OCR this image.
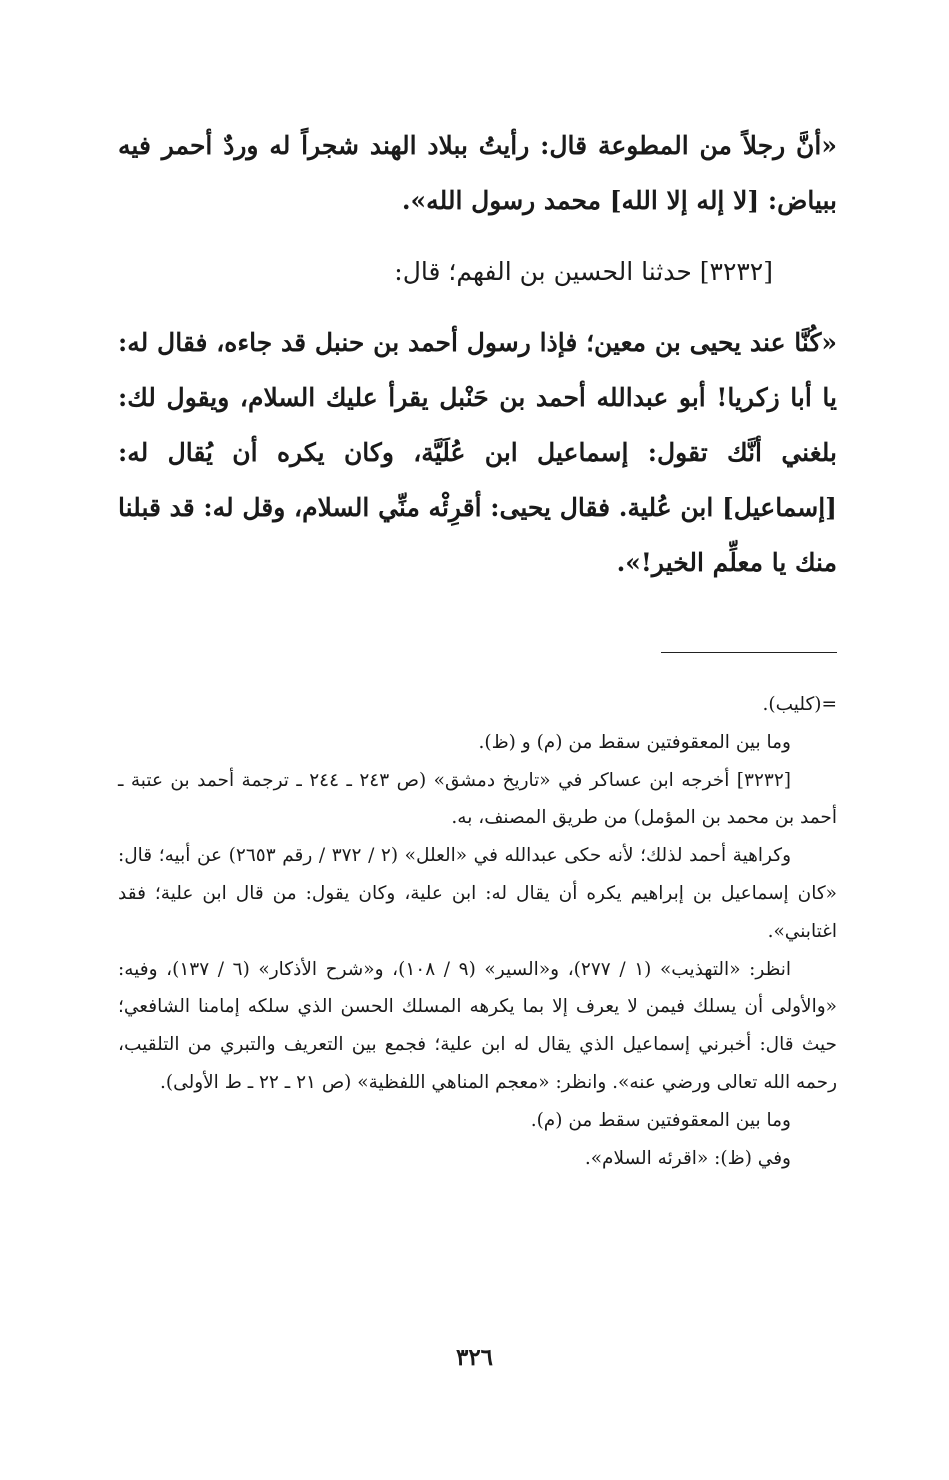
«أنَّ رجلاً من المطوعة قال: رأيتُ ببلاد الهند شجراً له وردٌ أحمر فيه ببياض: [لا إله إلا الله] محمد رسول الله».

[٣٢٣٢] حدثنا الحسين بن الفهم؛ قال:

«كُنَّا عند يحيى بن معين؛ فإذا رسول أحمد بن حنبل قد جاءه، فقال له: يا أبا زكريا! أبو عبدالله أحمد بن حَنْبل يقرأ عليك السلام، ويقول لك: بلغني أنَّك تقول: إسماعيل ابن عُلَيَّة، وكان يكره أن يُقال له: [إسماعيل] ابن عُلية. فقال يحيى: أقرِئْه منِّي السلام، وقل له: قد قبلنا منك يا معلِّم الخير!».

=(كليب).

وما بين المعقوفتين سقط من (م) و (ظ).

[٣٢٣٢] أخرجه ابن عساكر في «تاريخ دمشق» (ص ٢٤٣ ـ ٢٤٤ ـ ترجمة أحمد بن عتبة ـ أحمد بن محمد بن المؤمل) من طريق المصنف، به.

وكراهية أحمد لذلك؛ لأنه حكى عبدالله في «العلل» (٢ / ٣٧٢ / رقم ٢٦٥٣) عن أبيه؛ قال: «كان إسماعيل بن إبراهيم يكره أن يقال له: ابن علية، وكان يقول: من قال ابن علية؛ فقد اغتابني».

انظر: «التهذيب» (١ / ٢٧٧)، و«السير» (٩ / ١٠٨)، و«شرح الأذكار» (٦ / ١٣٧)، وفيه: «والأولى أن يسلك فيمن لا يعرف إلا بما يكرهه المسلك الحسن الذي سلكه إمامنا الشافعي؛ حيث قال: أخبرني إسماعيل الذي يقال له ابن علية؛ فجمع بين التعريف والتبري من التلقيب، رحمه الله تعالى ورضي عنه». وانظر: «معجم المناهي اللفظية» (ص ٢١ ـ ٢٢ ـ ط الأولى).

وما بين المعقوفتين سقط من (م).

وفي (ظ): «اقرئه السلام».

٣٢٦
